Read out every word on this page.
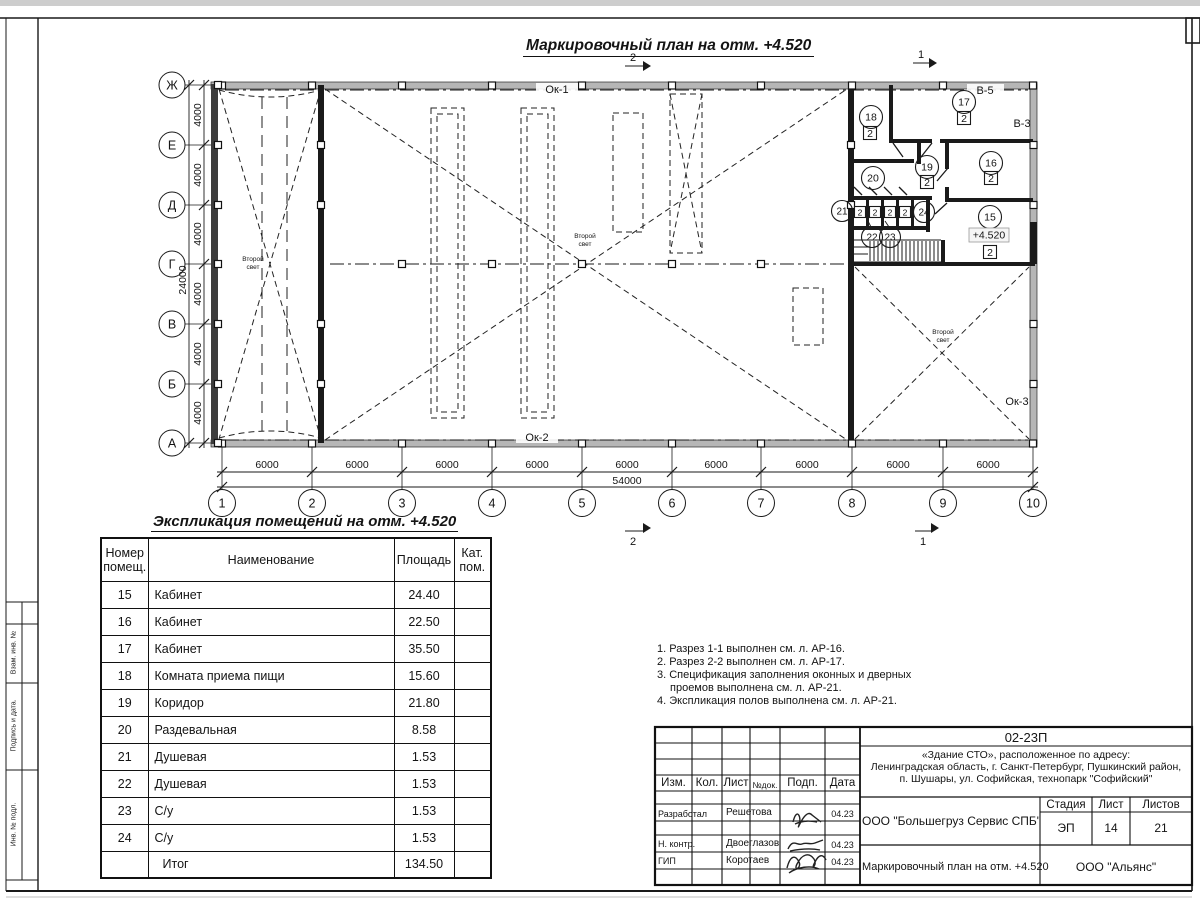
Ж
Е
Д
Г
В
Б
А
1	2	3	4	5	6	7	8	9	10
6000	6000	6000	6000	6000	6000	6000	6000	6000
54000
4000
4000
4000
4000
4000
4000
24000
Ок-1
Ок-2
Ок-3
В-5
В-3
Второй
свет
Второй
свет
Второй
свет
15
2
+4.520
16
2
17
2
18
2
19
2
20
21
22 23
24
2 2 2 2
2	1
2	1
Маркировочный план на отм. +4.520
Экспликация помещений на отм. +4.520
Номер
помещ.	Наименование	Площадь	Кат.
пом.

15	Кабинет	24.40	
16	Кабинет	22.50	
17	Кабинет	35.50	
18	Комната приема пищи	15.60	
19	Коридор	21.80	
20	Раздевальная	8.58	
21	Душевая	1.53	
22	Душевая	1.53	
23	С/у	1.53	
24	С/у	1.53	
	Итог	134.50	
1. Разрез 1-1 выполнен см. л. АР-16.
2. Разрез 2-2 выполнен см. л. АР-17.
3. Спецификация заполнения оконных и дверных
проемов выполнена см. л. АР-21.
4. Экспликация полов выполнена см. л. АР-21.
02-23П
«Здание СТО», расположенное по адресу:
Ленинградская область, г. Санкт-Петербург, Пушкинский район,
п. Шушары, ул. Софийская, технопарк "Софийский"
Изм. Кол. Лист №док. Подп.	Дата
Разработал Решетова	04.23
Н. контр.	Двоеглазов	04.23
ГИП	Коротаев	04.23
ООО "Большегруз Сервис СПБ"
Маркировочный план на отм. +4.520	ООО "Альянс"
Стадия	Лист	Листов
ЭП	14	21
Взам. инв. №
Подпись и дата.
Инв. № подл.
